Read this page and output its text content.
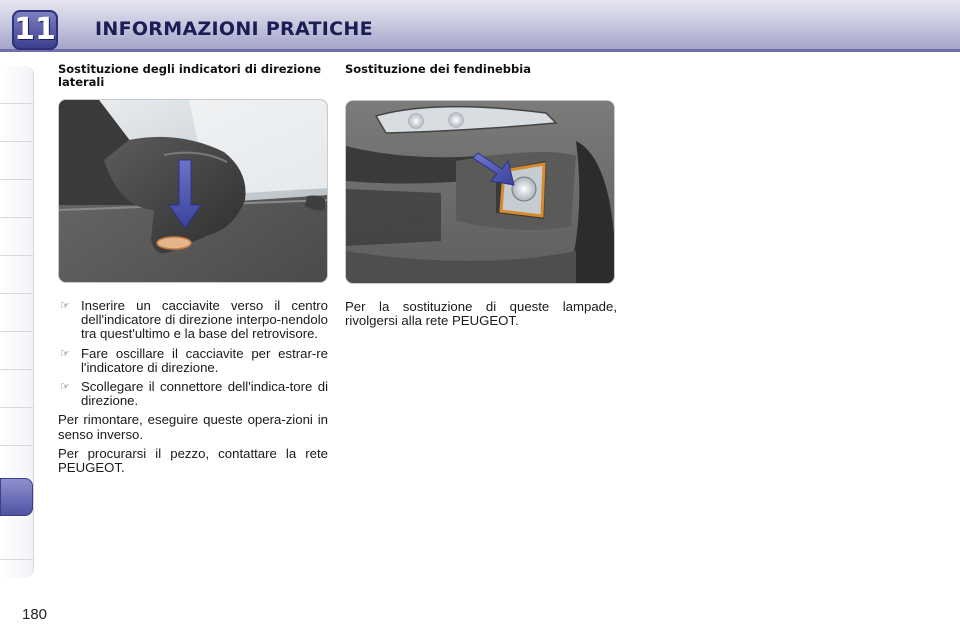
11 INFORMAZIONI PRATICHE
Sostituzione degli indicatori di direzione laterali
☞ Inserire un cacciavite verso il centro dell'indicatore di direzione interpo-nendolo tra quest'ultimo e la base del retrovisore.
☞ Fare oscillare il cacciavite per estrar-re l'indicatore di direzione.
☞ Scollegare il connettore dell'indica-tore di direzione.
Per rimontare, eseguire queste opera-zioni in senso inverso.
Per procurarsi il pezzo, contattare la rete PEUGEOT.
Sostituzione dei fendinebbia
Per la sostituzione di queste lampade, rivolgersi alla rete PEUGEOT.
180
